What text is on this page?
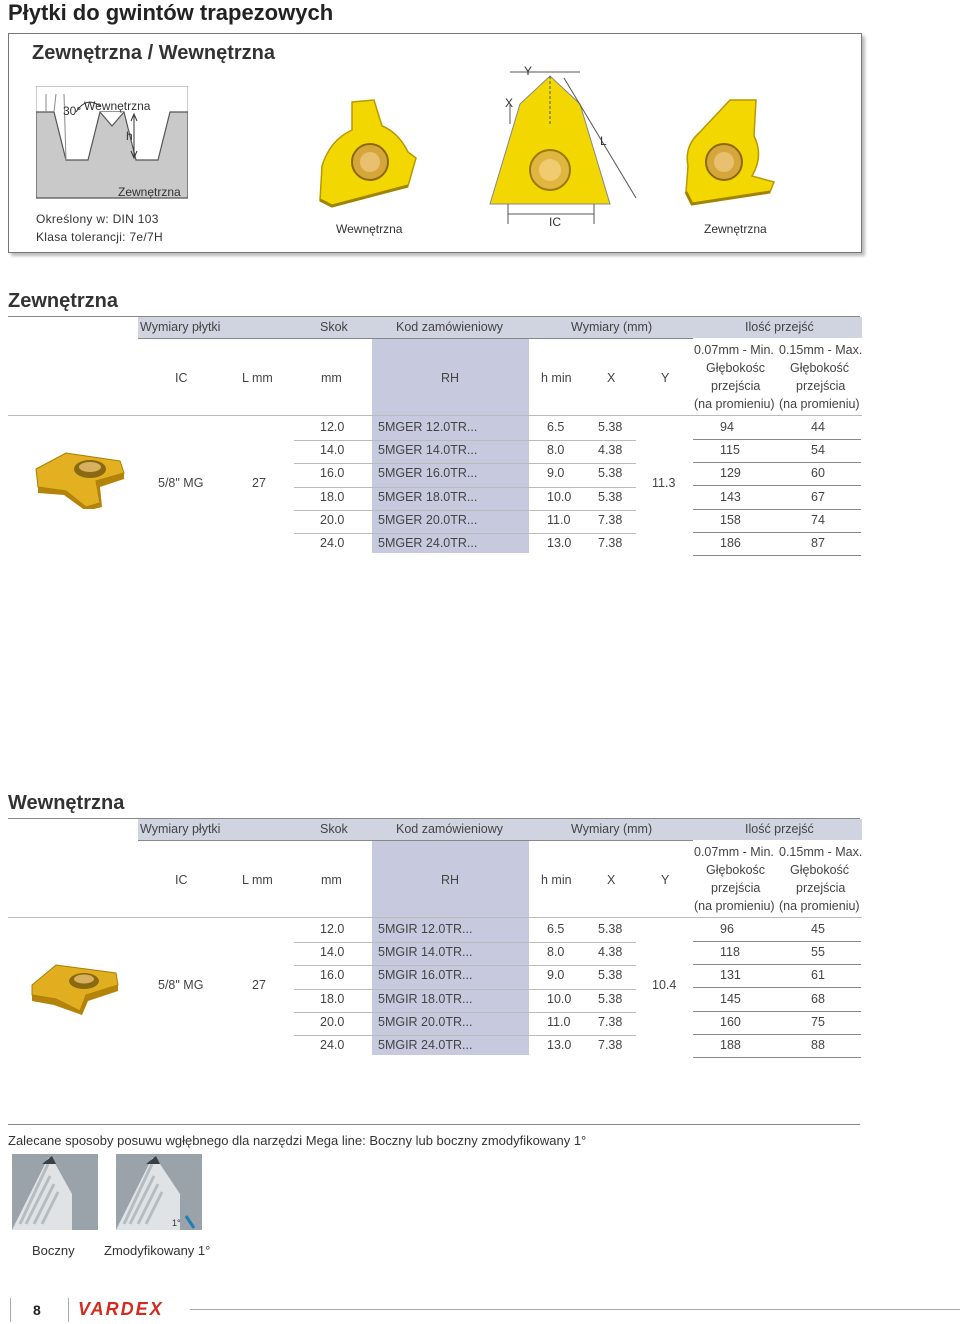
Płytki do gwintów trapezowych
Zewnętrzna / Wewnętrzna
30° Wewnętrzna
h
Zewnętrzna
Określony w: DIN 103
Klasa tolerancji: 7e/7H
Wewnętrzna
Y
X
L
IC	Zewnętrzna
Zewnętrzna
Wymiary płytki	Skok	Kod zamówieniowy	Wymiary (mm)	Ilość przejść
IC	L mm	mm	RH	h min	X	Y
0.07mm - Min. 0.15mm - Max.
Głębokośc Głębokość
przejścia	przejścia
(na promieniu) (na promieniu)
5/8" MG	27	11.3
12.0	5MGER 12.0TR...	6.5	5.38	94	44
14.0	5MGER 14.0TR...	8.0	4.38	115	54
16.0	5MGER 16.0TR...	9.0	5.38	129	60
18.0	5MGER 18.0TR...	10.0 5.38	143	67
20.0	5MGER 20.0TR...	11.0 7.38	158	74
24.0	5MGER 24.0TR...	13.0 7.38	186	87
Wewnętrzna
Wymiary płytki	Skok	Kod zamówieniowy	Wymiary (mm)	Ilość przejść
IC	L mm	mm	RH	h min	X	Y
0.07mm - Min. 0.15mm - Max.
Głębokośc Głębokość
przejścia	przejścia
(na promieniu) (na promieniu)
5/8" MG	27	10.4
12.0	5MGIR 12.0TR...	6.5	5.38	96	45
14.0	5MGIR 14.0TR...	8.0	4.38	118	55
16.0	5MGIR 16.0TR...	9.0	5.38	131	61
18.0	5MGIR 18.0TR...	10.0 5.38	145	68
20.0	5MGIR 20.0TR...	11.0 7.38	160	75
24.0	5MGIR 24.0TR...	13.0 7.38	188	88
Zalecane sposoby posuwu wgłębnego dla narzędzi Mega line: Boczny lub boczny zmodyfikowany 1°
1°
Boczny Zmodyfikowany 1°
8 VARDEX
